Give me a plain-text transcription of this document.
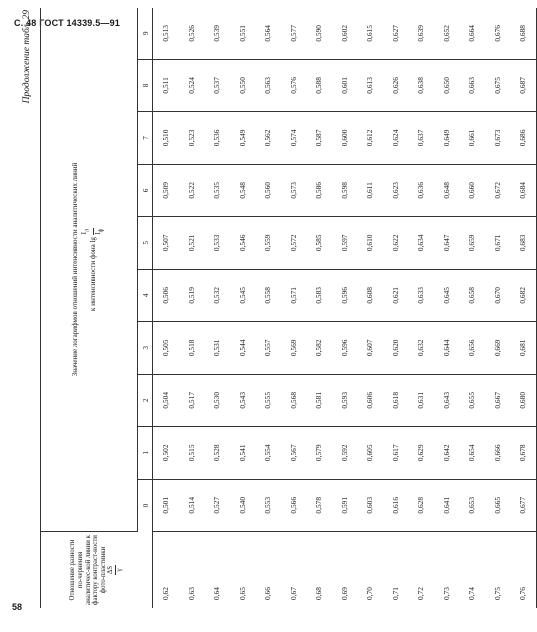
С. 48 ГОСТ 14339.5—91
58
Продолжение табл. 29
Отношение разности по-чернения аналитичес-кой линии к фактору контраст-ности фото-пластинки ΔS γ	Значение логарифмов отношений интенсивности аналитических линий к интенсивности фона lg
$I_л$
$I_ф$

	0	1	2	3	4	5	6	7	8	9
0,62	0,501	0,502	0,504	0,505	0,506	0,507	0,509	0,510	0,511	0,513
0,63	0,514	0,515	0,517	0,518	0,519	0,521	0,522	0,523	0,524	0,526
0,64	0,527	0,528	0,530	0,531	0,532	0,533	0,535	0,536	0,537	0,539
0,65	0,540	0,541	0,543	0,544	0,545	0,546	0,548	0,549	0,550	0,551
0,66	0,553	0,554	0,555	0,557	0,558	0,559	0,560	0,562	0,563	0,564
0,67	0,566	0,567	0,568	0,569	0,571	0,572	0,573	0,574	0,576	0,577
0,68	0,578	0,579	0,581	0,582	0,583	0,585	0,586	0,587	0,588	0,590
0,69	0,591	0,592	0,593	0,596	0,596	0,597	0,598	0,600	0,601	0,602
0,70	0,603	0,605	0,606	0,607	0,608	0,610	0,611	0,612	0,613	0,615
0,71	0,616	0,617	0,618	0,620	0,621	0,622	0,623	0,624	0,626	0,627
0,72	0,628	0,629	0,631	0,632	0,633	0,634	0,636	0,637	0,638	0,639
0,73	0,641	0,642	0,643	0,644	0,645	0,647	0,648	0,649	0,650	0,652
0,74	0,653	0,654	0,655	0,656	0,658	0,659	0,660	0,661	0,663	0,664
0,75	0,665	0,666	0,667	0,669	0,670	0,671	0,672	0,673	0,675	0,676
0,76	0,677	0,678	0,680	0,681	0,682	0,683	0,684	0,686	0,687	0,688
